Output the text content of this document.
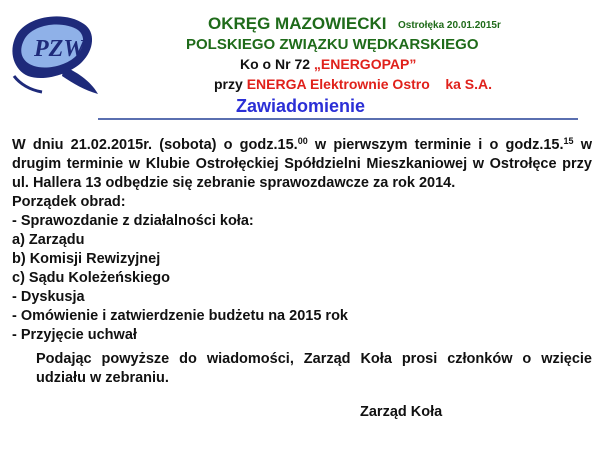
PZW
OKRĘG MAZOWIECKI Ostrołęka 20.01.2015r
POLSKIEGO ZWIĄZKU WĘDKARSKIEGO
Ko o Nr 72 „ENERGOPAP”
przy ENERGA Elektrownie Ostro    ka S.A.
Zawiadomienie

W dniu 21.02.2015r. (sobota) o godz.15.00 w pierwszym terminie i o godz.15.15 w drugim terminie w Klubie Ostrołęckiej Spółdzielni Mieszkaniowej w Ostrołęce przy ul. Hallera 13 odbędzie się zebranie sprawozdawcze za rok 2014.

Porządek obrad:

- Sprawozdanie z działalności koła:
a) Zarządu
b) Komisji Rewizyjnej
c) Sądu Koleżeńskiego
- Dyskusja
- Omówienie i zatwierdzenie budżetu na 2015 rok
- Przyjęcie uchwał

Podając powyższe do wiadomości, Zarząd Koła prosi członków o wzięcie udziału w zebraniu.

Zarząd Koła
